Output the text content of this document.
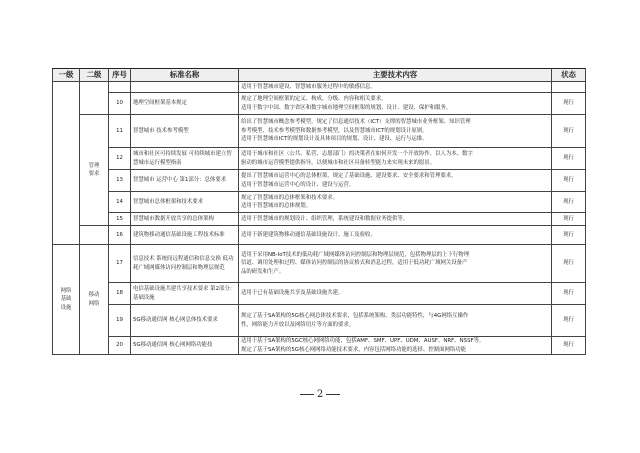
一级	二级	序号	标准名称	主要技术内容	状态

				适用于智慧城市建设、智慧城市服务过程中的敏感信息。	

		10	地理空间框架基本规定	规定了地理空间框架的定义、构成、分级、内容和相关要求。
适用于数字中国、数字省区和数字城市地理空间框架的规划、设计、建设、保护和服务。	现行
	管理要求	11	智慧城市 技术参考模型	给出了智慧城市概念参考模型，规定了信息通信技术（ICT）支撑的智慧城市业务框架、知识管理
参考模型、技术参考模型和数据参考模型，以及智慧城市ICT的规划设计原则。
适用于智慧城市ICT的规划设计及具体项目的规划、设计、建设、运行与运维。	现行
		12	城市和社区可持续发展 可持续城市建立智慧城市运行模型指南	适用于城市和社区（公共、私营、志愿部门）的决策者在如何开发一个开放协作、以人为本、数字
驱动的城市运营模型提供指导，以便城市和社区具备转型能力来实现未来的愿景。	现行
		13	智慧城市 运营中心 第1部分：总体要求	提出了智慧城市运营中心的总体框架，规定了基础设施、建设要求、安全要求和管理要求。
适用于智慧城市运营中心的设计、建设与运营。	现行
		14	智慧城市总体框架和技术要求	规定了智慧城市的总体框架和技术要求。
适用于智慧城市的总体规划。	现行
		15	智慧城市数据开放共享的总体架构	适用于智慧城市的规划设计、组织管理，系统建设和数据业务提供等。	现行
		16	建筑物移动通信基础设施工程技术标准	适用于新建建筑物移动通信基础设施设计、施工及验收。	现行
网络基础设施	移动网络	17	信息技术 系统间远程通信和信息交换 低功耗广域网媒体访问控制层和物理层规范	适用于采用NB-IoT技术的低功耗广域网媒体访问控制层和物理层规范，包括物理层的上下行物理
信道、调用处理和过程、媒体访问控制层的协议格式和消息过程，适用于低功耗广域网关设备产
品的研发和生产。	现行
		18	电信基础设施共建共享技术要求 第2部分：基础设施	适用于已有基础设施共享及基础设施共建。	现行
		19	5G移动通信网 核心网总体技术要求	规定了基于SA架构的5G核心网总体技术要求，包括系统架构、类层功能特性，与4G网络互操作
性，网络能力开放以及网络切片等方面的要求。	现行
		20	5G移动通信网 核心网网络功能技	适用于基于SA架构的5GC核心网网络功能，包括AMF、SMF、UPF、UDM、AUSF、NRF、NSSF等。
规定了基于SA架构的5G核心网网络功能技术要求，内容包括网络功能的选择、控制面网络功能	现行
2
